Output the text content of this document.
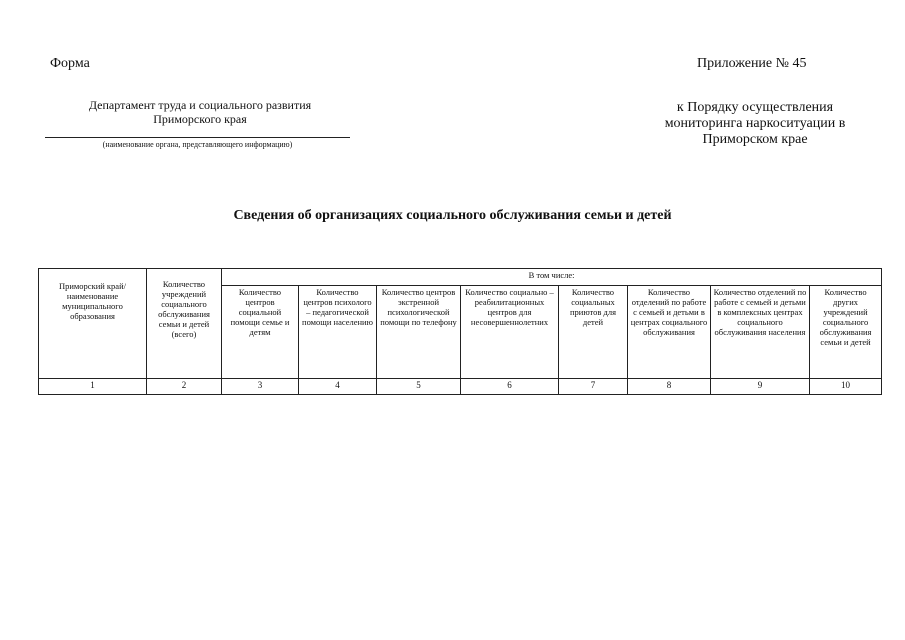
Форма	Приложение № 45
Департамент труда и социального развития
Приморского края
(наименование органа, представляющего информацию)
к Порядку осуществления
мониторинга наркоситуации в
Приморском крае
Сведения об организациях социального обслуживания семьи и детей
Приморский край/ наименование муниципального образования	Количество учреждений социального обслуживания семьи и детей (всего)	В том числе:							
		Количество центров социальной помощи семье и детям	Количество центров психолого – педагогической помощи населению	Количество центров экстренной психологической помощи по телефону	Количество социально – реабилитационных центров для несовершеннолетних	Количество социальных приютов для детей	Количество отделений по работе с семьей и детьми в центрах социального обслуживания	Количество отделений по работе с семьей и детьми в комплексных центрах социального обслуживания населения	Количество других учреждений социального обслуживания семьи и детей
1	2	3	4	5	6	7	8	9	10
